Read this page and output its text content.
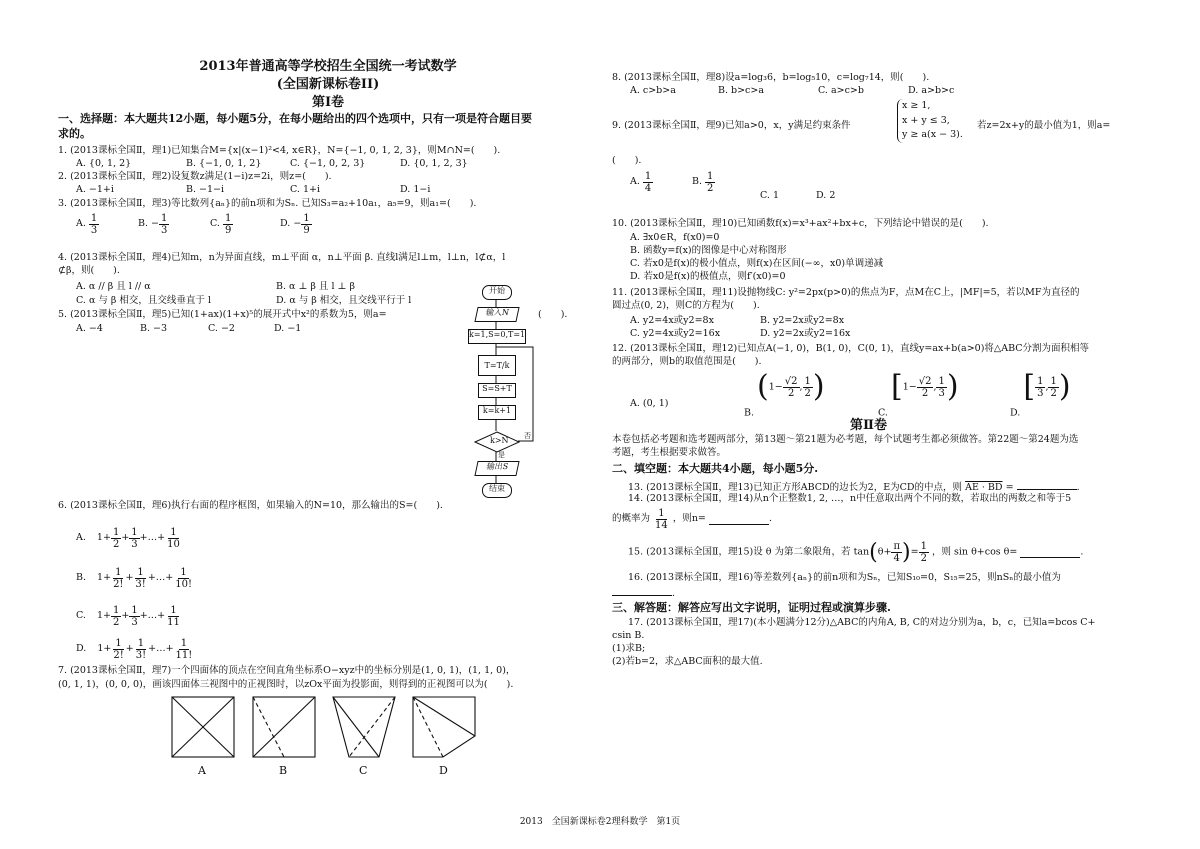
2013年普通高等学校招生全国统一考试数学
(全国新课标卷II)
第Ⅰ卷
一、选择题：本大题共12小题，每小题5分，在每小题给出的四个选项中，只有一项是符合题目要
求的。
1. (2013课标全国Ⅱ，理1)已知集合M={x|(x−1)²<4, x∈R}，N={−1, 0, 1, 2, 3}，则M∩N=(　　).
A. {0, 1, 2}	B. {−1, 0, 1, 2}	C. {−1, 0, 2, 3}	D. {0, 1, 2, 3}
2. (2013课标全国Ⅱ，理2)设复数z满足(1−i)z=2i，则z=(　　).
A. −1+i	B. −1−i	C. 1+i	D. 1−i
3. (2013课标全国Ⅱ，理3)等比数列{aₙ}的前n项和为Sₙ. 已知S₃=a₂+10a₁，a₅=9，则a₁=(　　).
A. $\frac{1}{3}$	B. − $\frac{1}{3}$	C. $\frac{1}{9}$	D. − $\frac{1}{9}$
4. (2013课标全国Ⅱ，理4)已知m，n为异面直线，m⊥平面 α，n⊥平面 β. 直线l满足l⊥m，l⊥n，l⊄α，l
⊄β，则(　　).
A. α // β 且 l // α	B. α ⊥ β 且 l ⊥ β
C. α 与 β 相交，且交线垂直于 l	D. α 与 β 相交，且交线平行于 l
5. (2013课标全国Ⅱ，理5)已知(1+ax)(1+x)⁵的展开式中x²的系数为5，则a=	(　　).
A. −4	B. −3	C. −2	D. −1
开始
输入N
k=1,S=0,T=1
T=T/k
S=S+T
k=k+1
k>N 否
是
输出S
结束
6. (2013课标全国Ⅱ，理6)执行右面的程序框图，如果输入的N=10，那么输出的S=(　　).
A. $1+ \frac{1}{2} + \frac{1}{3}$ +…+ $\frac{1}{10}$
B. $1+ \frac{1}{2!} + \frac{1}{3!}$ +…+ $\frac{1}{10!}$
C. $1+ \frac{1}{2} + \frac{1}{3}$ +…+ $\frac{1}{11}$
D. $1+ \frac{1}{2!} + \frac{1}{3!}$ +…+ $\frac{1}{11!}$
7. (2013课标全国Ⅱ，理7)一个四面体的顶点在空间直角坐标系O−xyz中的坐标分别是(1, 0, 1)，(1, 1, 0)，
(0, 1, 1)，(0, 0, 0)，画该四面体三视图中的正视图时，以zOx平面为投影面，则得到的正视图可以为(　　).
A	B	C	D
8. (2013课标全国Ⅱ，理8)设a=log₃6，b=log₅10，c=log₇14，则(　　).
A. c>b>a	B. b>c>a	C. a>c>b	D. a>b>c
9. (2013课标全国Ⅱ，理9)已知a>0，x，y满足约束条件
x ≥ 1,
x + y ≤ 3,
y ≥ a(x − 3).
若z=2x+y的最小值为1，则a=
(　　).
A. $\frac{1}{4}$	B. $\frac{1}{2}$
C. 1	D. 2
10. (2013课标全国Ⅱ，理10)已知函数f(x)=x³+ax²+bx+c，下列结论中错误的是(　　).
A. ∃x0∈R，f(x0)=0
B. 函数y=f(x)的图像是中心对称图形
C. 若x0是f(x)的极小值点，则f(x)在区间(−∞，x0)单调递减
D. 若x0是f(x)的极值点，则f′(x0)=0
11. (2013课标全国Ⅱ，理11)设抛物线C: y²=2px(p>0)的焦点为F，点M在C上，|MF|=5，若以MF为直径的
圆过点(0, 2)，则C的方程为(　　).
A. y2=4x或y2=8x	B. y2=2x或y2=8x
C. y2=4x或y2=16x	D. y2=2x或y2=16x
12. (2013课标全国Ⅱ，理12)已知点A(−1, 0)，B(1, 0)，C(0, 1)，直线y=ax+b(a>0)将△ABC分割为面积相等
的两部分，则b的取值范围是(　　).
A. (0, 1)
B. ($1- \frac{√2}{2}$ , $\frac{1}{2}$ )
C. [$1- \frac{√2}{2}$ , $\frac{1}{3}$ )
D. [ $\frac{1}{3}$ , $\frac{1}{2}$ )
第Ⅱ卷
本卷包括必考题和选考题两部分，第13题～第21题为必考题，每个试题考生都必须做答。第22题～第24题为选
考题，考生根据要求做答。
二、填空题：本大题共4小题，每小题5分.
13. (2013课标全国Ⅱ，理13)已知正方形ABCD的边长为2，E为CD的中点，则 AE · BD =	.
14. (2013课标全国Ⅱ，理14)从n个正整数1, 2, …，n中任意取出两个不同的数，若取出的两数之和等于5
的概率为 $\frac{1}{14}$ ，则n=	.
15. (2013课标全国Ⅱ，理15)设 θ 为第二象限角，若 $\tan(\theta+ \frac{\pi}{4}$ )= $\frac{1}{2}$ ，则 sin θ+cos θ=	.
16. (2013课标全国Ⅱ，理16)等差数列{aₙ}的前n项和为Sₙ，已知S₁₀=0，S₁₅=25，则nSₙ的最小值为
.
三、解答题：解答应写出文字说明，证明过程或演算步骤.
17. (2013课标全国Ⅱ，理17)(本小题满分12分)△ABC的内角A, B, C的对边分别为a，b，c，已知a=bcos C+
csin B.
(1)求B;
(2)若b=2，求△ABC面积的最大值.
2013　全国新课标卷2理科数学　第1页
